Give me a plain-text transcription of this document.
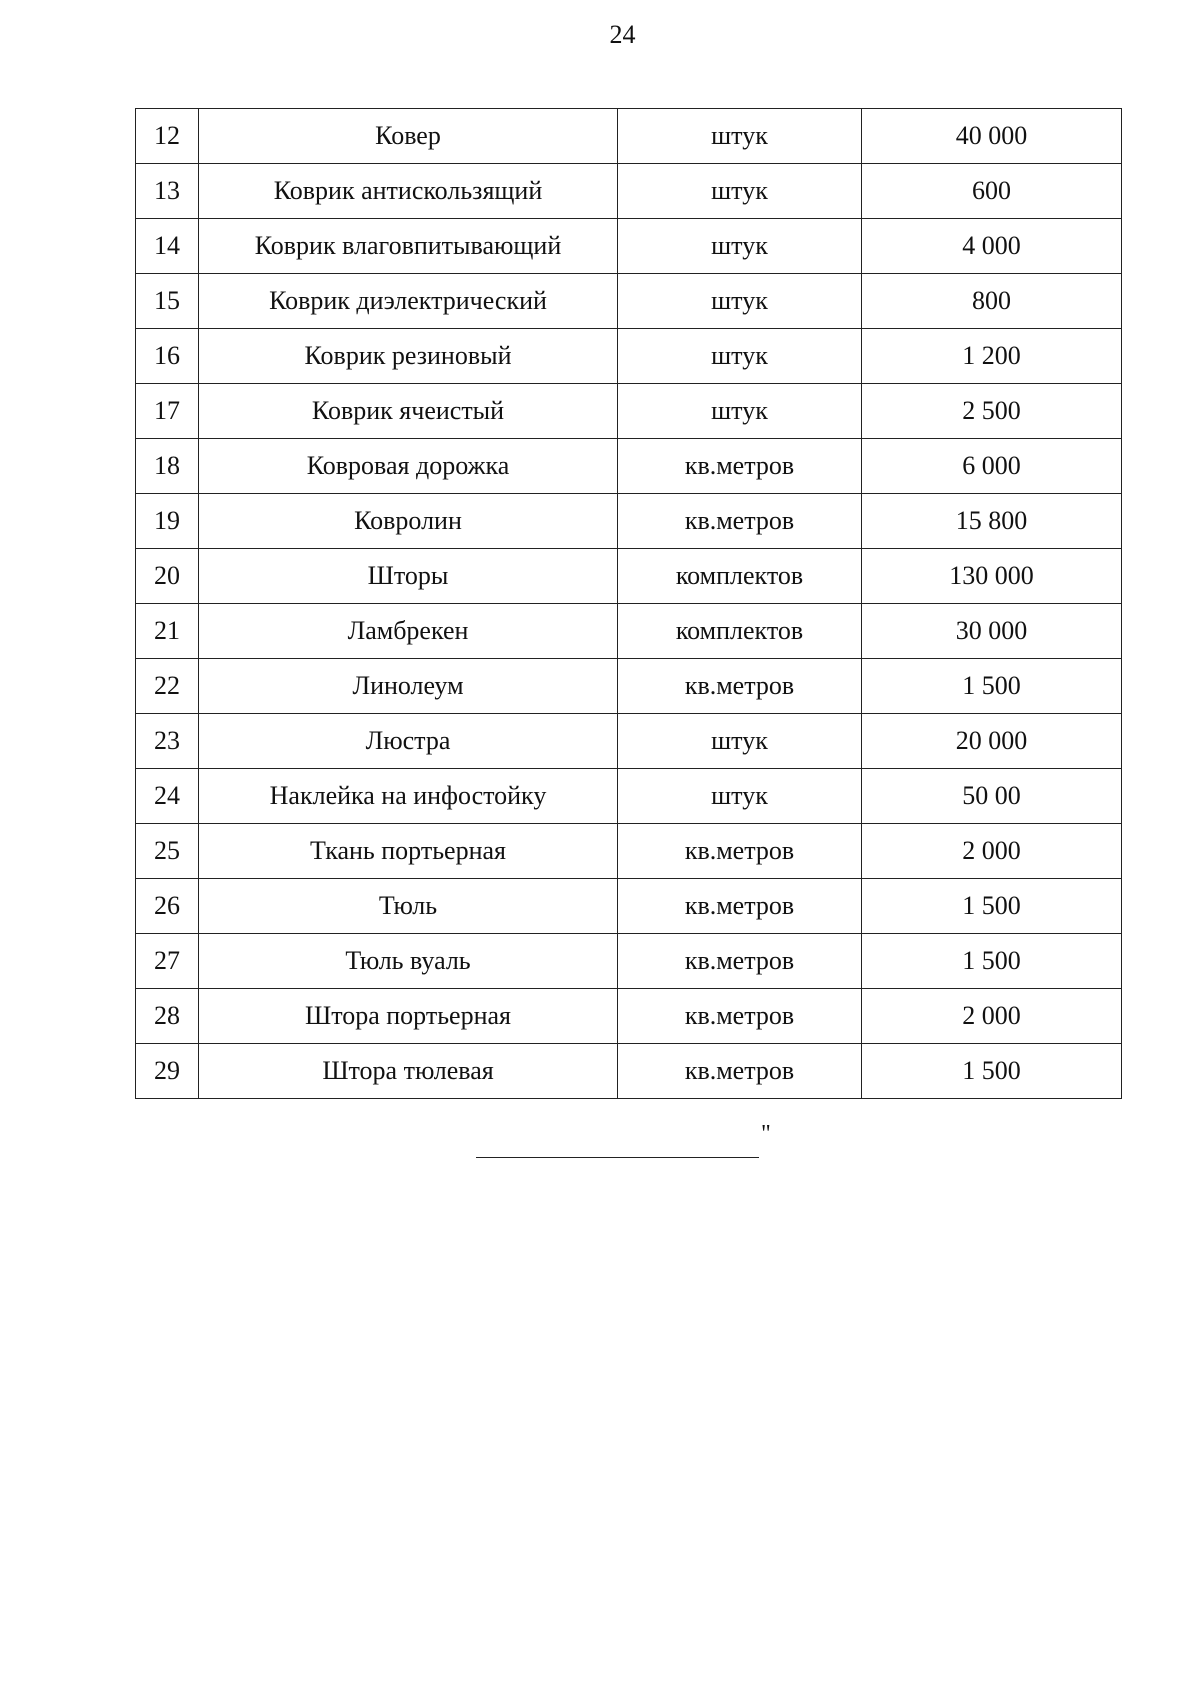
24
12	Ковер	штук	40 000
13	Коврик антискользящий	штук	600
14	Коврик влаговпитывающий	штук	4 000
15	Коврик диэлектрический	штук	800
16	Коврик резиновый	штук	1 200
17	Коврик ячеистый	штук	2 500
18	Ковровая дорожка	кв.метров	6 000
19	Ковролин	кв.метров	15 800
20	Шторы	комплектов	130 000
21	Ламбрекен	комплектов	30 000
22	Линолеум	кв.метров	1 500
23	Люстра	штук	20 000
24	Наклейка на инфостойку	штук	50 00
25	Ткань портьерная	кв.метров	2 000
26	Тюль	кв.метров	1 500
27	Тюль вуаль	кв.метров	1 500
28	Штора портьерная	кв.метров	2 000
29	Штора тюлевая	кв.метров	1 500
"
